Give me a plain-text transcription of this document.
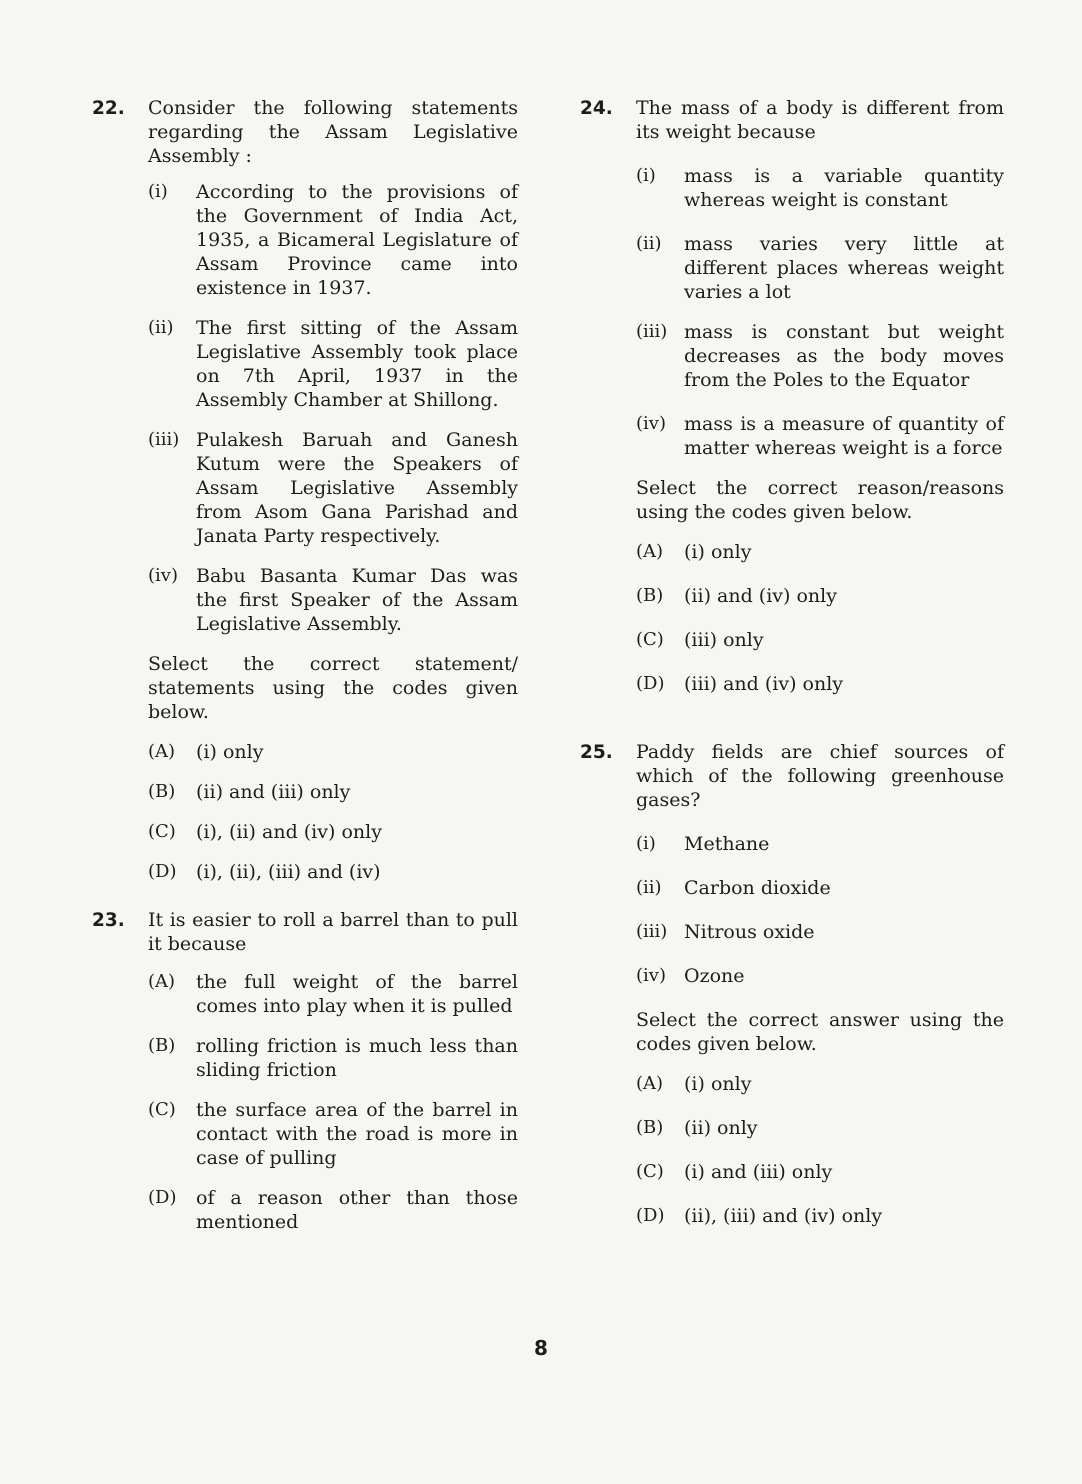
22.	Consider the following statements regarding the Assam Legislative Assembly :
(i)	According to the provisions of the Government of India Act, 1935, a Bicameral Legislature of Assam Province came into existence in 1937.
(ii)	The first sitting of the Assam Legislative Assembly took place on 7th April, 1937 in the Assembly Chamber at Shillong.
(iii) Pulakesh Baruah and Ganesh Kutum were the Speakers of Assam Legislative Assembly from Asom Gana Parishad and Janata Party respectively.
(iv) Babu Basanta Kumar Das was the first Speaker of the Assam Legislative Assembly.
Select the correct statement/ statements using the codes given below.
(A)	(i) only
(B)	(ii) and (iii) only
(C)	(i), (ii) and (iv) only
(D)	(i), (ii), (iii) and (iv)
23.	It is easier to roll a barrel than to pull it because
(A)	the full weight of the barrel comes into play when it is pulled
(B)	rolling friction is much less than sliding friction
(C)	the surface area of the barrel in contact with the road is more in case of pulling
(D)	of a reason other than those mentioned
24.	The mass of a body is different from its weight because
(i)	mass is a variable quantity whereas weight is constant
(ii)	mass varies very little at different places whereas weight varies a lot
(iii) mass is constant but weight decreases as the body moves from the Poles to the Equator
(iv) mass is a measure of quantity of matter whereas weight is a force
Select the correct reason/reasons using the codes given below.
(A)	(i) only
(B)	(ii) and (iv) only
(C)	(iii) only
(D)	(iii) and (iv) only
25.	Paddy fields are chief sources of which of the following greenhouse gases?
(i)	Methane
(ii)	Carbon dioxide
(iii) Nitrous oxide
(iv) Ozone
Select the correct answer using the codes given below.
(A)	(i) only
(B)	(ii) only
(C)	(i) and (iii) only
(D)	(ii), (iii) and (iv) only
8
